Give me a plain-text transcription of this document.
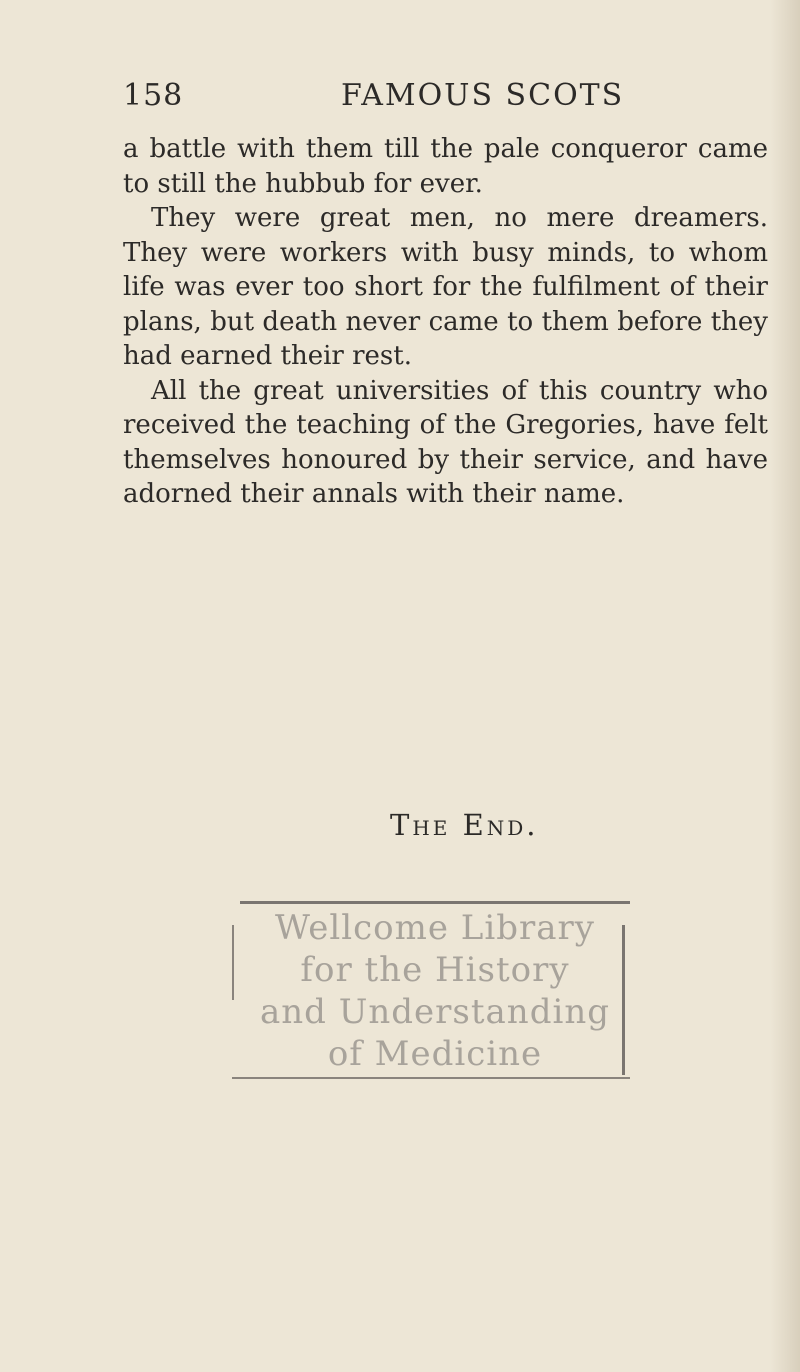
158	FAMOUS SCOTS

a battle with them till the pale conqueror came to still the hubbub for ever.

They were great men, no mere dreamers. They were workers with busy minds, to whom life was ever too short for the fulfilment of their plans, but death never came to them before they had earned their rest.

All the great universities of this country who received the teaching of the Gregories, have felt themselves honoured by their service, and have adorned their annals with their name.

The End.
Wellcome Library
for the History
and Understanding
of Medicine
